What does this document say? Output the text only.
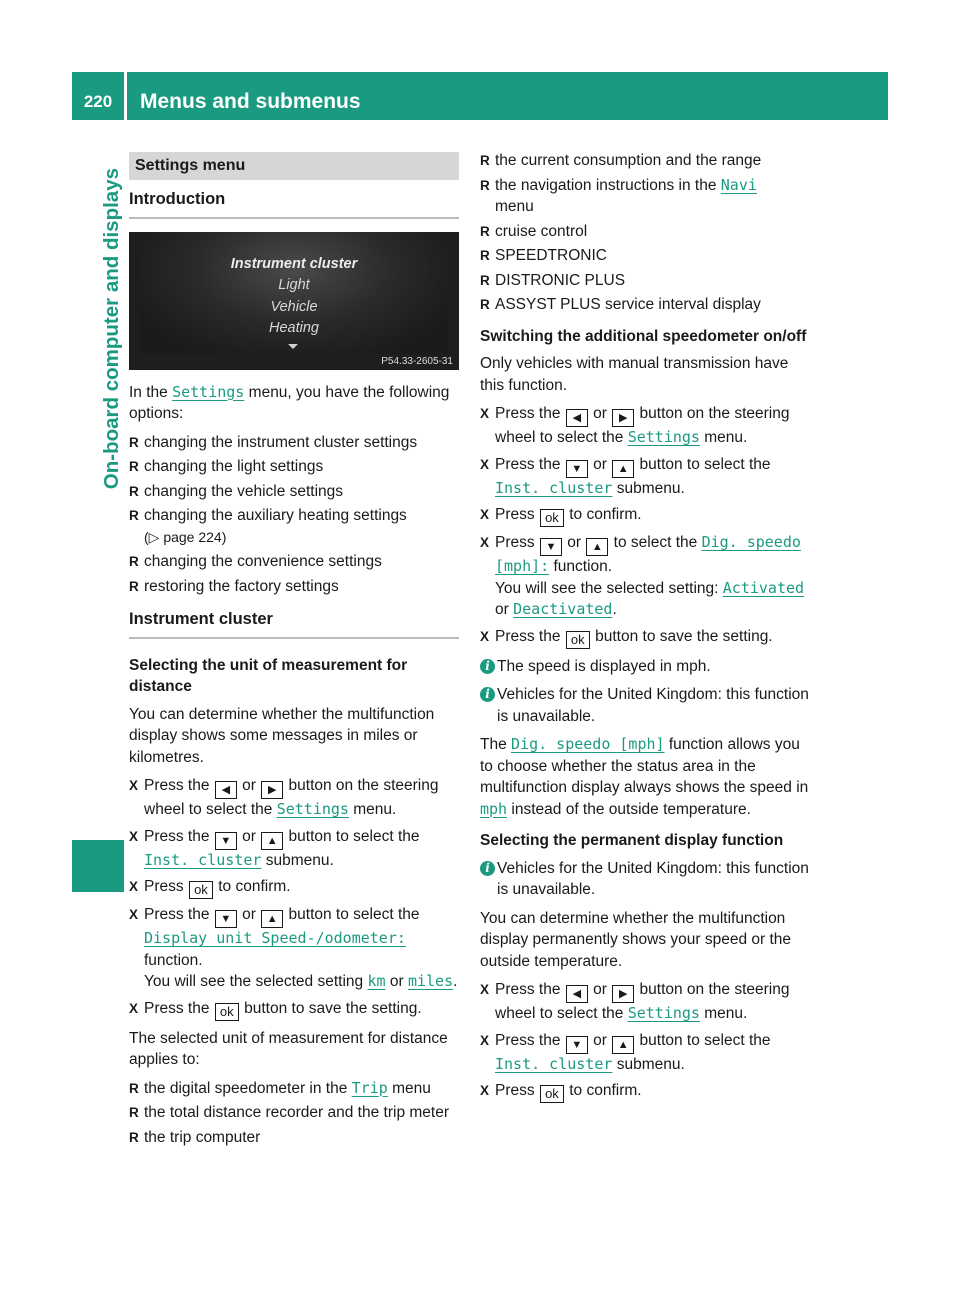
220	Menus and submenus
On-board computer and displays
Settings menu
Introduction
Instrument cluster
Light
Vehicle
Heating
P54.33-2605-31

In the Settings menu, you have the following options:

R changing the instrument cluster settings
R changing the light settings
R changing the vehicle settings
R changing the auxiliary heating settings
(▷ page 224)
R changing the convenience settings
R restoring the factory settings
Instrument cluster
Selecting the unit of measurement for distance

You can determine whether the multifunction display shows some messages in miles or kilometres.

X Press the ◀ or ▶ button on the steering wheel to select the Settings menu.
X Press the ▼ or ▲ button to select the Inst. cluster submenu.
X Press ok to confirm.
X Press the ▼ or ▲ button to select the Display unit Speed-/odometer: function.
You will see the selected setting km or miles.
X Press the ok button to save the setting.

The selected unit of measurement for distance applies to:

R the digital speedometer in the Trip menu
R the total distance recorder and the trip meter
R the trip computer
R the current consumption and the range
R the navigation instructions in the Navi
menu
R cruise control
R SPEEDTRONIC
R DISTRONIC PLUS
R ASSYST PLUS service interval display
Switching the additional speedometer on/off

Only vehicles with manual transmission have this function.

X Press the ◀ or ▶ button on the steering wheel to select the Settings menu.
X Press the ▼ or ▲ button to select the Inst. cluster submenu.
X Press ok to confirm.
X Press ▼ or ▲ to select the Dig. speedo [mph]: function.
You will see the selected setting: Activated or Deactivated.
X Press the ok button to save the setting.
i The speed is displayed in mph.
i Vehicles for the United Kingdom: this function is unavailable.

The Dig. speedo [mph] function allows you to choose whether the status area in the multifunction display always shows the speed in mph instead of the outside temperature.

Selecting the permanent display function
i Vehicles for the United Kingdom: this function is unavailable.

You can determine whether the multifunction display permanently shows your speed or the outside temperature.

X Press the ◀ or ▶ button on the steering wheel to select the Settings menu.
X Press the ▼ or ▲ button to select the Inst. cluster submenu.
X Press ok to confirm.
